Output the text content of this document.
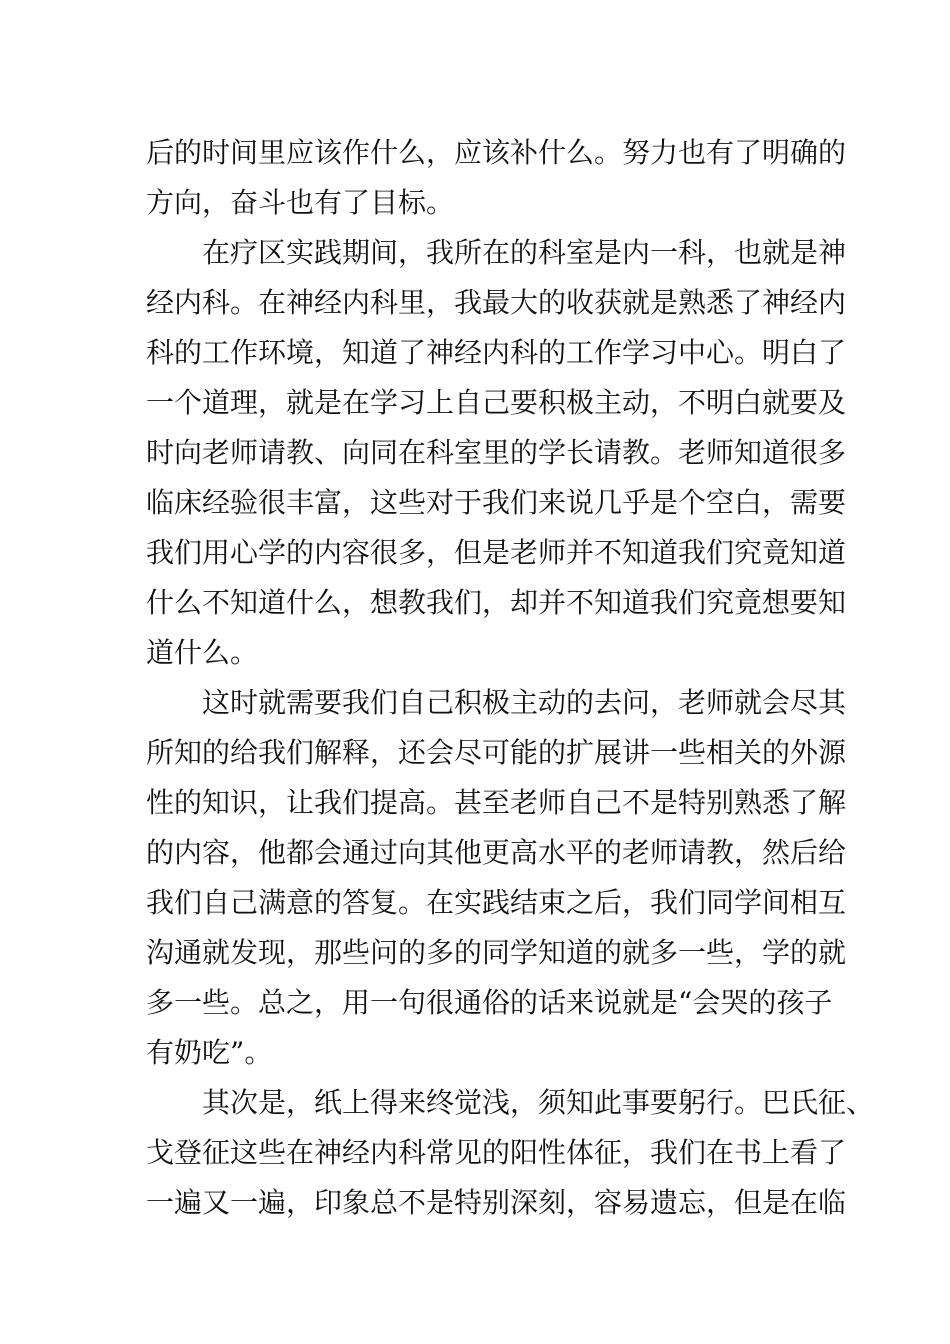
后的时间里应该作什么，应该补什么。努力也有了明确的
方向，奋斗也有了目标。
在疗区实践期间，我所在的科室是内一科，也就是神
经内科。在神经内科里，我最大的收获就是熟悉了神经内
科的工作环境，知道了神经内科的工作学习中心。明白了
一个道理，就是在学习上自己要积极主动，不明白就要及
时向老师请教、向同在科室里的学长请教。老师知道很多
临床经验很丰富，这些对于我们来说几乎是个空白，需要
我们用心学的内容很多，但是老师并不知道我们究竟知道
什么不知道什么，想教我们，却并不知道我们究竟想要知
道什么。
这时就需要我们自己积极主动的去问，老师就会尽其
所知的给我们解释，还会尽可能的扩展讲一些相关的外源
性的知识，让我们提高。甚至老师自己不是特别熟悉了解
的内容，他都会通过向其他更高水平的老师请教，然后给
我们自己满意的答复。在实践结束之后，我们同学间相互
沟通就发现，那些问的多的同学知道的就多一些，学的就
多一些。总之，用一句很通俗的话来说就是“会哭的孩子
有奶吃”。
其次是，纸上得来终觉浅，须知此事要躬行。巴氏征、
戈登征这些在神经内科常见的阳性体征，我们在书上看了
一遍又一遍，印象总不是特别深刻，容易遗忘，但是在临
